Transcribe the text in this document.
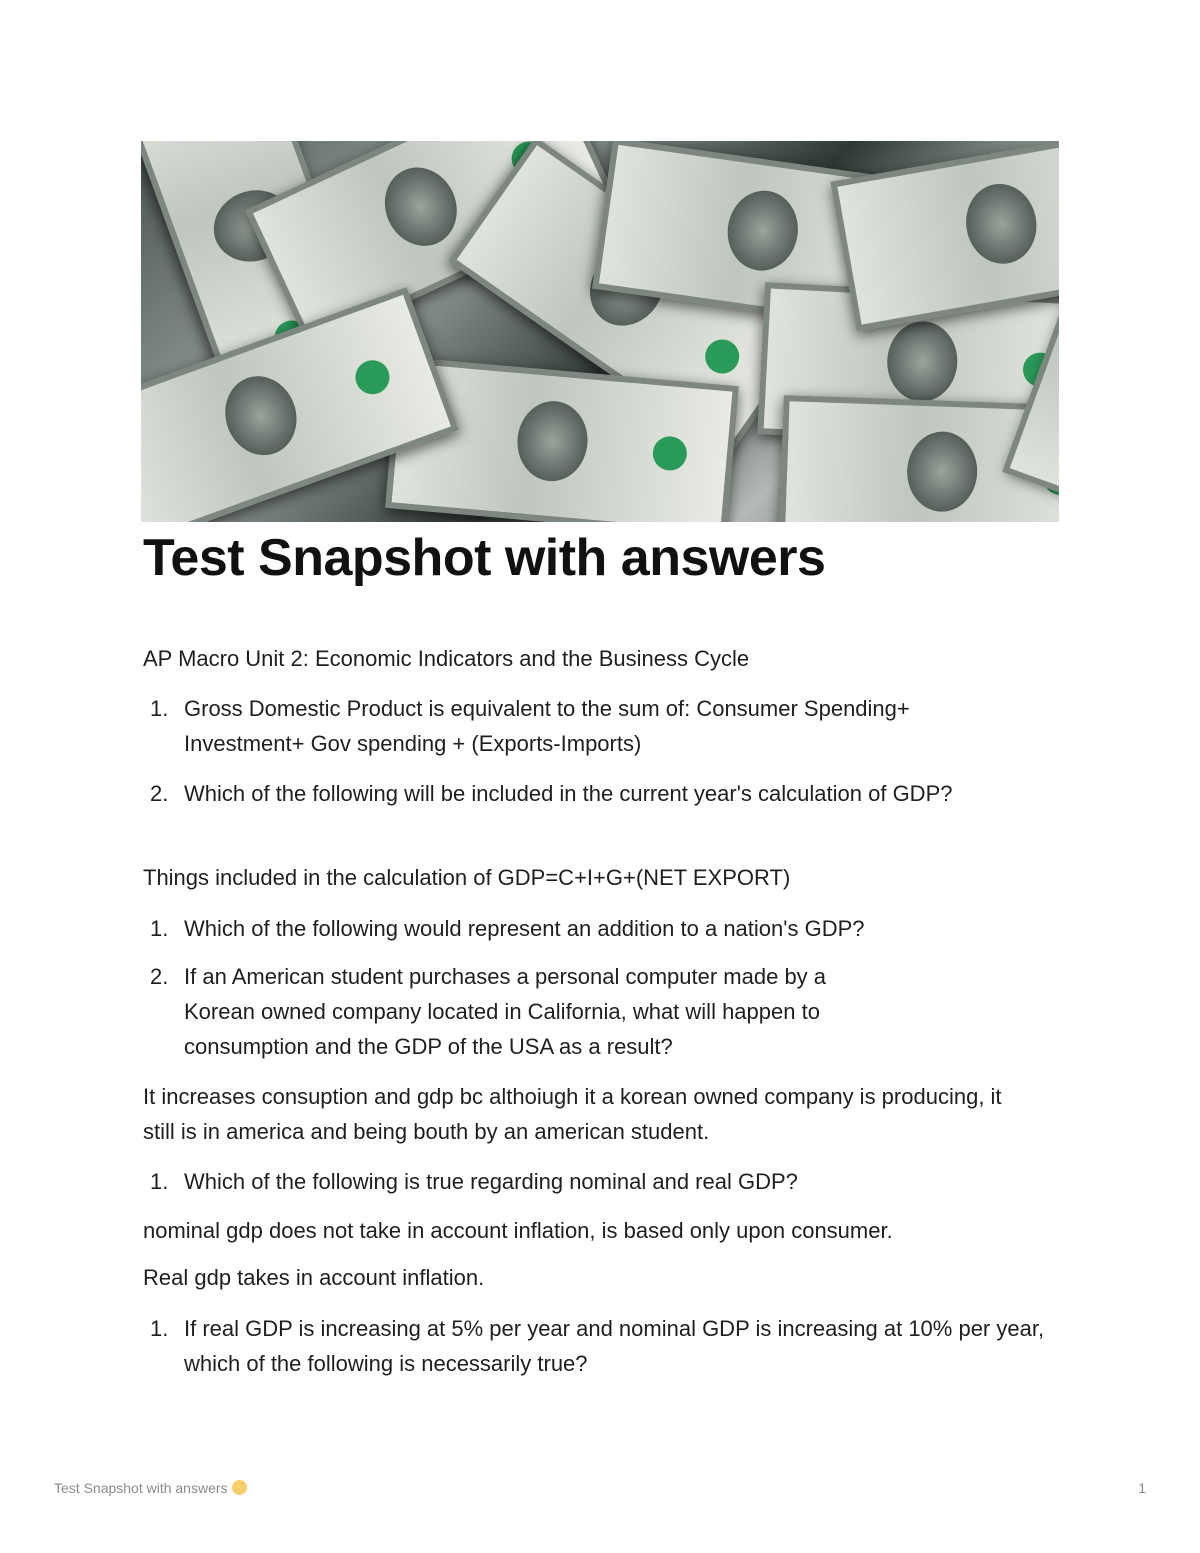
Test Snapshot with answers

AP Macro Unit 2: Economic Indicators and the Business Cycle

1. Gross Domestic Product is equivalent to the sum of: Consumer Spending+ Investment+ Gov spending + (Exports-Imports)
2. Which of the following will be included in the current year's calculation of GDP?

Things included in the calculation of GDP=C+I+G+(NET EXPORT)

1. Which of the following would represent an addition to a nation's GDP?
2. If an American student purchases a personal computer made by a Korean owned company located in California, what will happen to consumption and the GDP of the USA as a result?

It increases consuption and gdp bc althoiugh it a korean owned company is producing, it still is in america and being bouth by an american student.

1. Which of the following is true regarding nominal and real GDP?

nominal gdp does not take in account inflation, is based only upon consumer.

Real gdp takes in account inflation.

1. If real GDP is increasing at 5% per year and nominal GDP is increasing at 10% per year, which of the following is necessarily true?
Test Snapshot with answers	1
